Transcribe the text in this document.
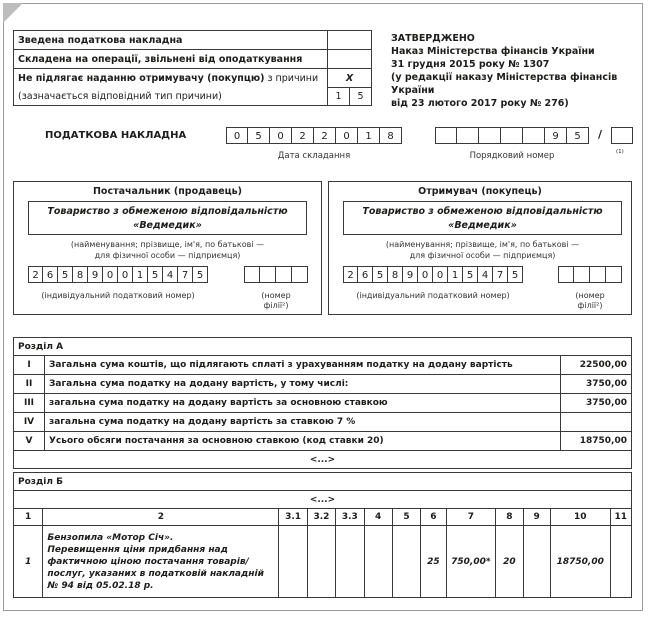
Зведена податкова накладна		
Складена на операції, звільнені від оподаткування		
Не підлягає наданню отримувачу (покупцю) з причини	Х	
(зазначається відповідний тип причини)	1	5
ЗАТВЕРДЖЕНО
Наказ Міністерства фінансів України
31 грудня 2015 року № 1307
(у редакції наказу Міністерства фінансів України
від 23 лютого 2017 року № 276)
ПОДАТКОВА НАКЛАДНА	0	5	0	2	2	0	1	8
Дата складання
9	5	/
Порядковий номер	(1)
Постачальник (продавець)
Товариство з обмеженою відповідальністю
«Ведмедик»
(найменування; прізвище, ім'я, по батькові —
для фізичної особи — підприємця)
2 6 5 8 9 0 0 1 5 4 7 5
(індивідуальний податковий номер)	(номер
філії²)
Отримувач (покупець)
Товариство з обмеженою відповідальністю
«Ведмедик»
(найменування; прізвище, ім'я, по батькові —
для фізичної особи — підприємця)
2 6 5 8 9 0 0 1 5 4 7 5
(індивідуальний податковий номер)	(номер
філії²)
Розділ А		
I	Загальна сума коштів, що підлягають сплаті з урахуванням податку на додану вартість	22500,00
II	Загальна сума податку на додану вартість, у тому числі:	3750,00
III	загальна сума податку на додану вартість за основною ставкою	3750,00
IV	загальна сума податку на додану вартість за ставкою 7 %	
V	Усього обсяги постачання за основною ставкою (код ставки 20)	18750,00
<...>		
Розділ Б												
<...>												
1	2	3.1	3.2	3.3	4	5	6	7	8	9	10	11
1	Бензопила «Мотор Січ».
Перевищення ціни придбання над
фактичною ціною постачання товарів/
послуг, указаних в податковій накладній
№ 94 від 05.02.18 р.						25	750,00*	20		18750,00	
